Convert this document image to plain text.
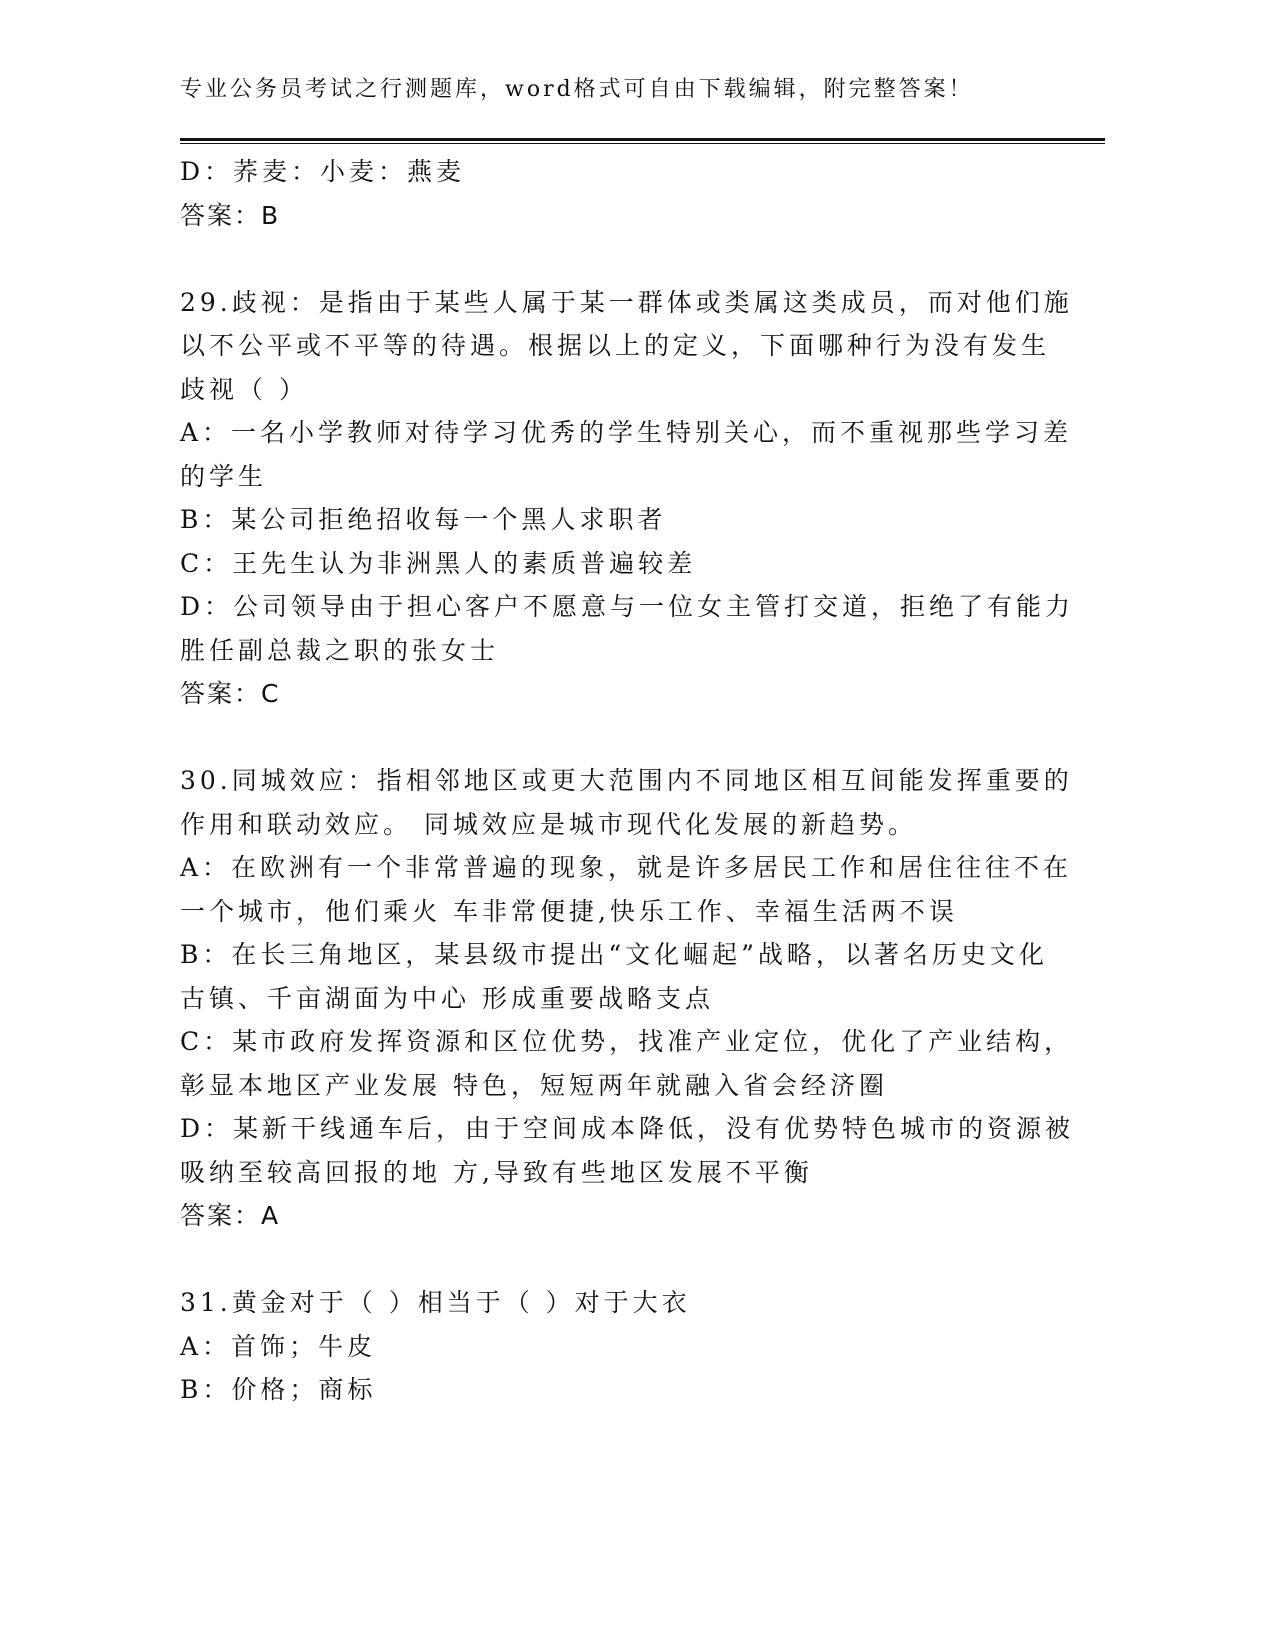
专业公务员考试之行测题库，word格式可自由下载编辑，附完整答案！
D：荞麦：小麦：燕麦
答案：B
29.歧视：是指由于某些人属于某一群体或类属这类成员，而对他们施
以不公平或不平等的待遇。根据以上的定义，下面哪种行为没有发生
歧视（ ）
A：一名小学教师对待学习优秀的学生特别关心，而不重视那些学习差
的学生
B：某公司拒绝招收每一个黑人求职者
C：王先生认为非洲黑人的素质普遍较差
D：公司领导由于担心客户不愿意与一位女主管打交道，拒绝了有能力
胜任副总裁之职的张女士
答案：C
30.同城效应：指相邻地区或更大范围内不同地区相互间能发挥重要的
作用和联动效应。 同城效应是城市现代化发展的新趋势。
A：在欧洲有一个非常普遍的现象，就是许多居民工作和居住往往不在
一个城市，他们乘火 车非常便捷,快乐工作、幸福生活两不误
B：在长三角地区，某县级市提出“文化崛起”战略，以著名历史文化
古镇、千亩湖面为中心 形成重要战略支点
C：某市政府发挥资源和区位优势，找准产业定位，优化了产业结构，
彰显本地区产业发展 特色，短短两年就融入省会经济圈
D：某新干线通车后，由于空间成本降低，没有优势特色城市的资源被
吸纳至较高回报的地 方,导致有些地区发展不平衡
答案：A
31.黄金对于（ ）相当于（ ）对于大衣
A：首饰；牛皮
B：价格；商标
